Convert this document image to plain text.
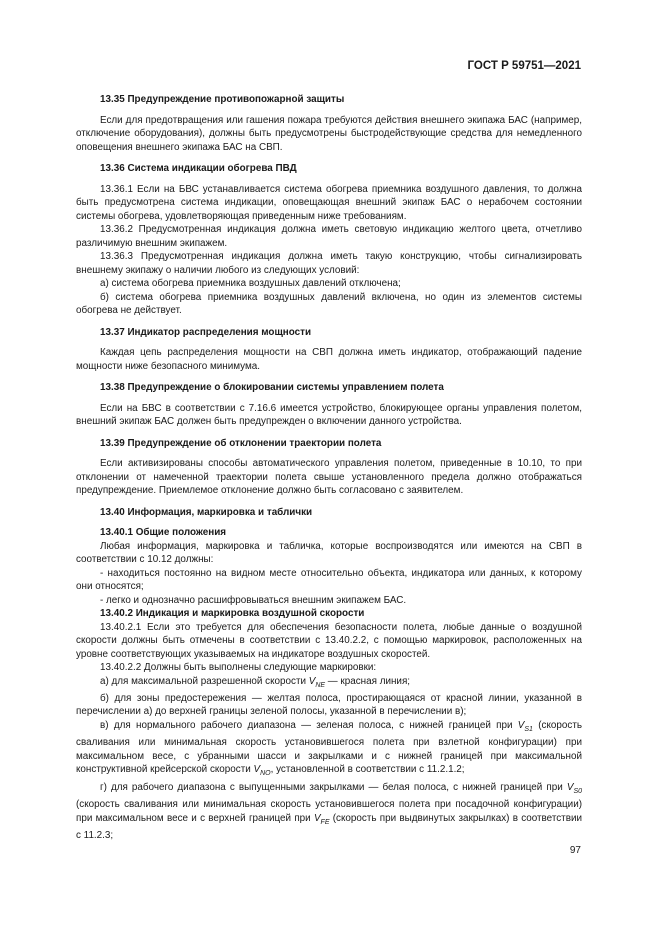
ГОСТ Р 59751—2021

13.35 Предупреждение противопожарной защиты

Если для предотвращения или гашения пожара требуются действия внешнего экипажа БАС (например, отключение оборудования), должны быть предусмотрены быстродействующие средства для немедленного оповещения внешнего экипажа БАС на СВП.

13.36 Система индикации обогрева ПВД

13.36.1 Если на БВС устанавливается система обогрева приемника воздушного давления, то должна быть предусмотрена система индикации, оповещающая внешний экипаж БАС о нерабочем состоянии системы обогрева, удовлетворяющая приведенным ниже требованиям.

13.36.2 Предусмотренная индикация должна иметь световую индикацию желтого цвета, отчетливо различимую внешним экипажем.

13.36.3 Предусмотренная индикация должна иметь такую конструкцию, чтобы сигнализировать внешнему экипажу о наличии любого из следующих условий:

а) система обогрева приемника воздушных давлений отключена;

б) система обогрева приемника воздушных давлений включена, но один из элементов системы обогрева не действует.

13.37 Индикатор распределения мощности

Каждая цепь распределения мощности на СВП должна иметь индикатор, отображающий падение мощности ниже безопасного минимума.

13.38 Предупреждение о блокировании системы управлением полета

Если на БВС в соответствии с 7.16.6 имеется устройство, блокирующее органы управления полетом, внешний экипаж БАС должен быть предупрежден о включении данного устройства.

13.39 Предупреждение об отклонении траектории полета

Если активизированы способы автоматического управления полетом, приведенные в 10.10, то при отклонении от намеченной траектории полета свыше установленного предела должно отображаться предупреждение. Приемлемое отклонение должно быть согласовано с заявителем.

13.40 Информация, маркировка и таблички

13.40.1 Общие положения

Любая информация, маркировка и табличка, которые воспроизводятся или имеются на СВП в соответствии с 10.12 должны:

- находиться постоянно на видном месте относительно объекта, индикатора или данных, к которому они относятся;

- легко и однозначно расшифровываться внешним экипажем БАС.

13.40.2 Индикация и маркировка воздушной скорости

13.40.2.1 Если это требуется для обеспечения безопасности полета, любые данные о воздушной скорости должны быть отмечены в соответствии с 13.40.2.2, с помощью маркировок, расположенных на уровне соответствующих указываемых на индикаторе воздушных скоростей.

13.40.2.2 Должны быть выполнены следующие маркировки:

а) для максимальной разрешенной скорости $V_{NE}$ — красная линия;

б) для зоны предостережения — желтая полоса, простирающаяся от красной линии, указанной в перечислении а) до верхней границы зеленой полосы, указанной в перечислении в);

в) для нормального рабочего диапазона — зеленая полоса, с нижней границей при $V_{S1}$ (скорость сваливания или минимальная скорость установившегося полета при взлетной конфигурации) при максимальном весе, с убранными шасси и закрылками и с нижней границей при максимальной конструктивной крейсерской скорости $V_{NO}$, установленной в соответствии с 11.2.1.2;

г) для рабочего диапазона с выпущенными закрылками — белая полоса, с нижней границей при $V_{S0}$ (скорость сваливания или минимальная скорость установившегося полета при посадочной конфигурации) при максимальном весе и с верхней границей при $V_{FE}$ (скорость при выдвинутых закрылках) в соответствии с 11.2.3;

97
